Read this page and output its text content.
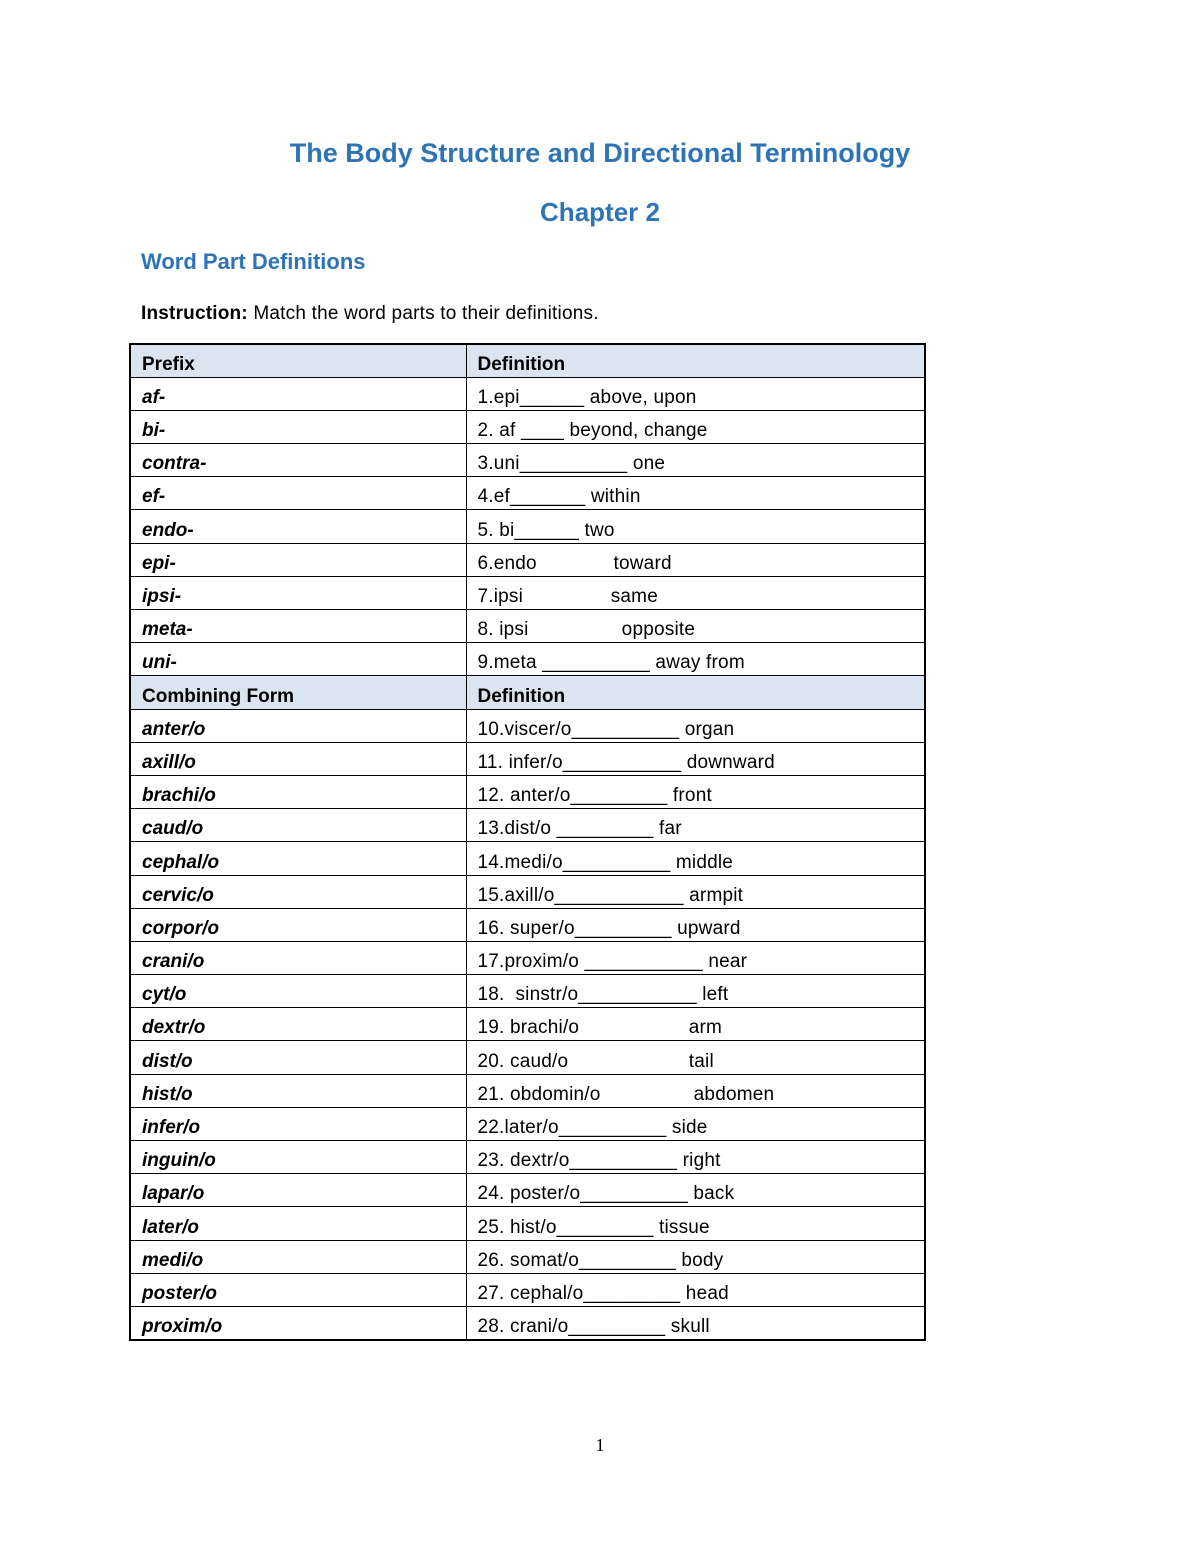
The Body Structure and Directional Terminology
Chapter 2
Word Part Definitions

Instruction: Match the word parts to their definitions.

Prefix	Definition
af-	1.epi______ above, upon
bi-	2. af ____ beyond, change
contra-	3.uni__________ one
ef-	4.ef_______ within
endo-	5. bi______ two
epi-	6.endo              toward
ipsi-	7.ipsi                same
meta-	8. ipsi                 opposite
uni-	9.meta __________ away from
Combining Form	Definition
anter/o	10.viscer/o__________ organ
axill/o	11. infer/o___________ downward
brachi/o	12. anter/o_________ front
caud/o	13.dist/o _________ far
cephal/o	14.medi/o__________ middle
cervic/o	15.axill/o____________ armpit
corpor/o	16. super/o_________ upward
crani/o	17.proxim/o ___________ near
cyt/o	18.  sinstr/o___________ left
dextr/o	19. brachi/o                    arm
dist/o	20. caud/o                      tail
hist/o	21. obdomin/o                 abdomen
infer/o	22.later/o__________ side
inguin/o	23. dextr/o__________ right
lapar/o	24. poster/o__________ back
later/o	25. hist/o_________ tissue
medi/o	26. somat/o_________ body
poster/o	27. cephal/o_________ head
proxim/o	28. crani/o_________ skull
1
